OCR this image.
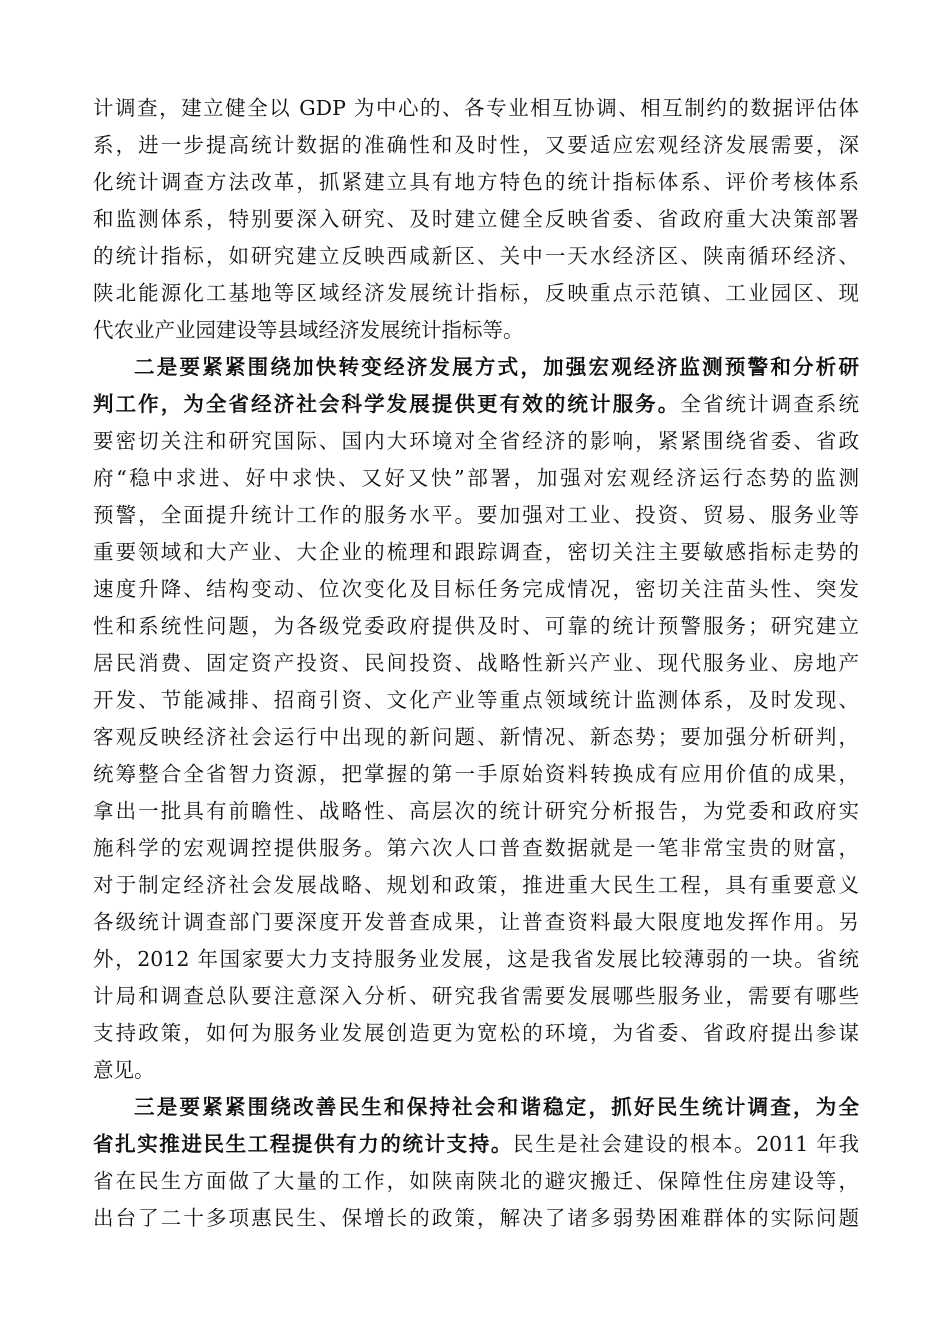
计调查，建立健全以 GDP 为中心的、各专业相互协调、相互制约的数据评估体
系，进一步提高统计数据的准确性和及时性，又要适应宏观经济发展需要，深
化统计调查方法改革，抓紧建立具有地方特色的统计指标体系、评价考核体系
和监测体系，特别要深入研究、及时建立健全反映省委、省政府重大决策部署
的统计指标，如研究建立反映西咸新区、关中一天水经济区、陕南循环经济、
陕北能源化工基地等区域经济发展统计指标，反映重点示范镇、工业园区、现
代农业产业园建设等县域经济发展统计指标等。
二是要紧紧围绕加快转变经济发展方式，加强宏观经济监测预警和分析研
判工作，为全省经济社会科学发展提供更有效的统计服务。全省统计调查系统
要密切关注和研究国际、国内大环境对全省经济的影响，紧紧围绕省委、省政
府“稳中求进、好中求快、又好又快”部署，加强对宏观经济运行态势的监测
预警，全面提升统计工作的服务水平。要加强对工业、投资、贸易、服务业等
重要领域和大产业、大企业的梳理和跟踪调查，密切关注主要敏感指标走势的
速度升降、结构变动、位次变化及目标任务完成情况，密切关注苗头性、突发
性和系统性问题，为各级党委政府提供及时、可靠的统计预警服务；研究建立
居民消费、固定资产投资、民间投资、战略性新兴产业、现代服务业、房地产
开发、节能减排、招商引资、文化产业等重点领域统计监测体系，及时发现、
客观反映经济社会运行中出现的新问题、新情况、新态势；要加强分析研判，
统筹整合全省智力资源，把掌握的第一手原始资料转换成有应用价值的成果，
拿出一批具有前瞻性、战略性、高层次的统计研究分析报告，为党委和政府实
施科学的宏观调控提供服务。第六次人口普查数据就是一笔非常宝贵的财富，
对于制定经济社会发展战略、规划和政策，推进重大民生工程，具有重要意义
各级统计调查部门要深度开发普查成果，让普查资料最大限度地发挥作用。另
外，2012 年国家要大力支持服务业发展，这是我省发展比较薄弱的一块。省统
计局和调查总队要注意深入分析、研究我省需要发展哪些服务业，需要有哪些
支持政策，如何为服务业发展创造更为宽松的环境，为省委、省政府提出参谋
意见。
三是要紧紧围绕改善民生和保持社会和谐稳定，抓好民生统计调查，为全
省扎实推进民生工程提供有力的统计支持。民生是社会建设的根本。2011 年我
省在民生方面做了大量的工作，如陕南陕北的避灾搬迁、保障性住房建设等，
出台了二十多项惠民生、保增长的政策，解决了诸多弱势困难群体的实际问题
